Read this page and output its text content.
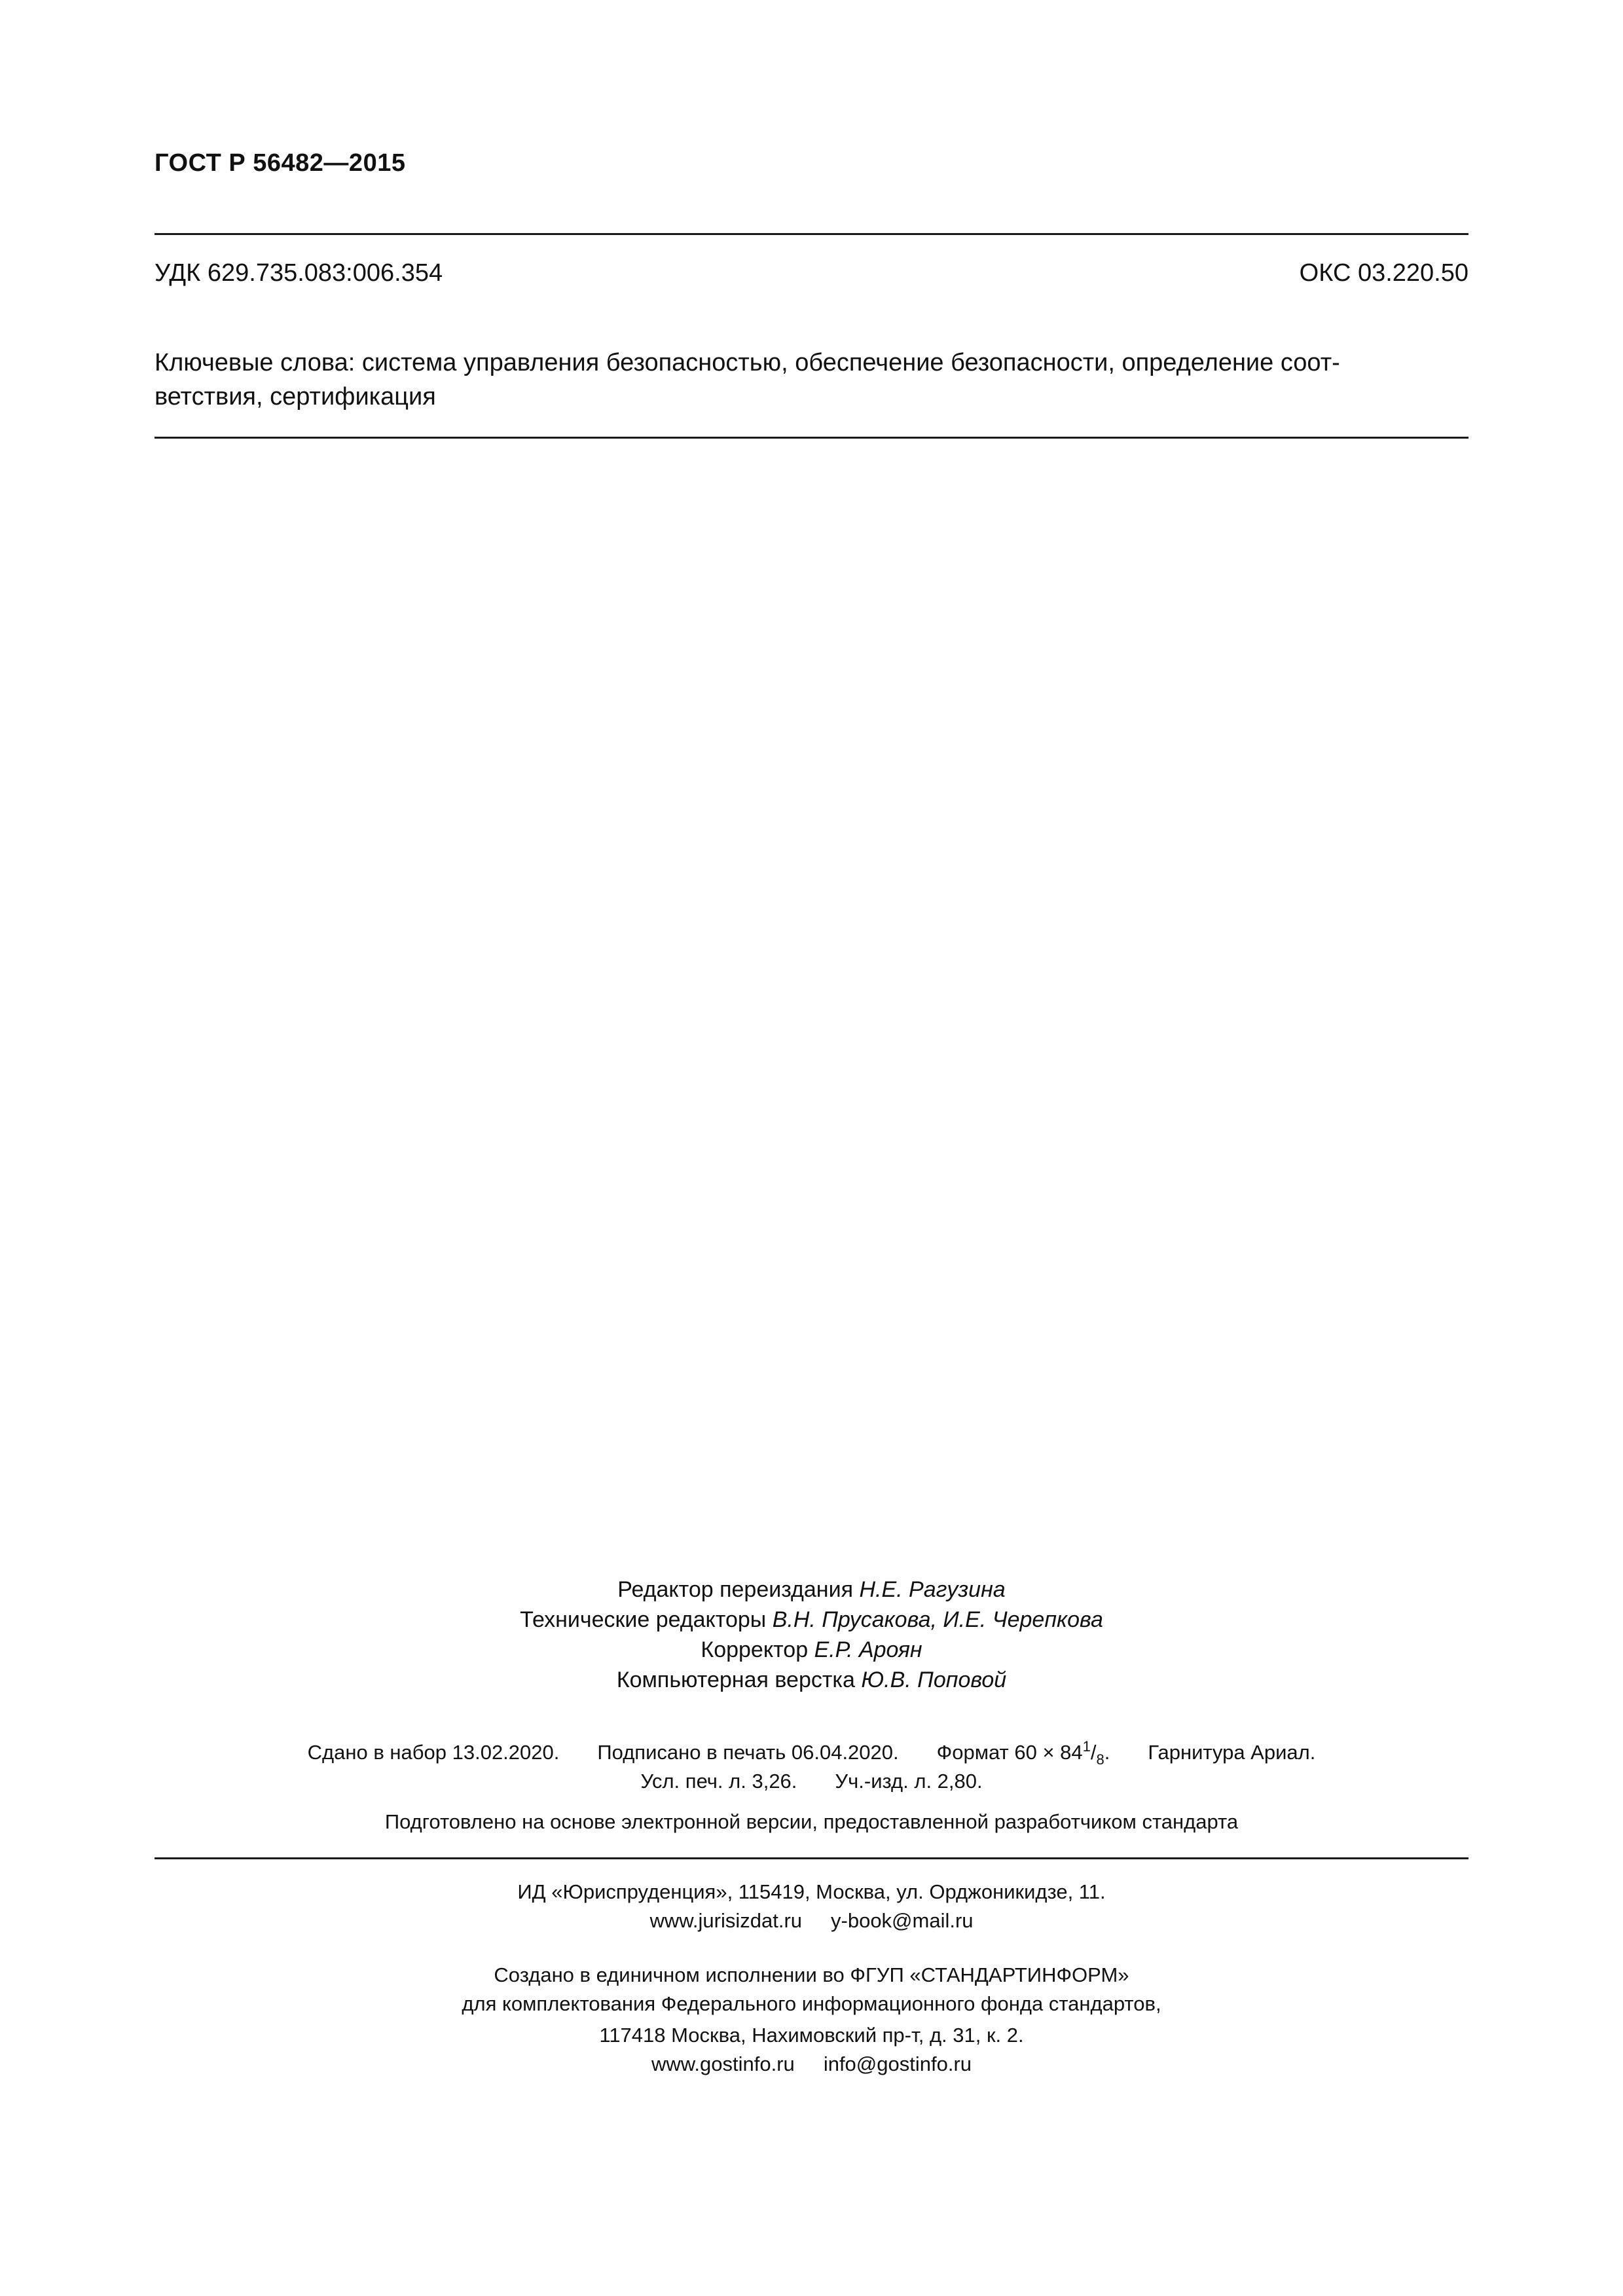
ГОСТ Р 56482—2015
УДК 629.735.083:006.354	ОКС 03.220.50
Ключевые слова: система управления безопасностью, обеспечение безопасности, определение соот-
ветствия, сертификация
Редактор переиздания Н.Е. Рагузина
Технические редакторы В.Н. Прусакова, И.Е. Черепкова
Корректор Е.Р. Ароян
Компьютерная верстка Ю.В. Поповой
Сдано в набор 13.02.2020. Подписано в печать 06.04.2020. Формат $60 \times 84^1/_8$. Гарнитура Ариал.
Усл. печ. л. 3,26. Уч.-изд. л. 2,80.
Подготовлено на основе электронной версии, предоставленной разработчиком стандарта
ИД «Юриспруденция», 115419, Москва, ул. Орджоникидзе, 11.
www.jurisizdat.ru y-book@mail.ru
Создано в единичном исполнении во ФГУП «СТАНДАРТИНФОРМ»
для комплектования Федерального информационного фонда стандартов,
117418 Москва, Нахимовский пр-т, д. 31, к. 2.
www.gostinfo.ru info@gostinfo.ru
